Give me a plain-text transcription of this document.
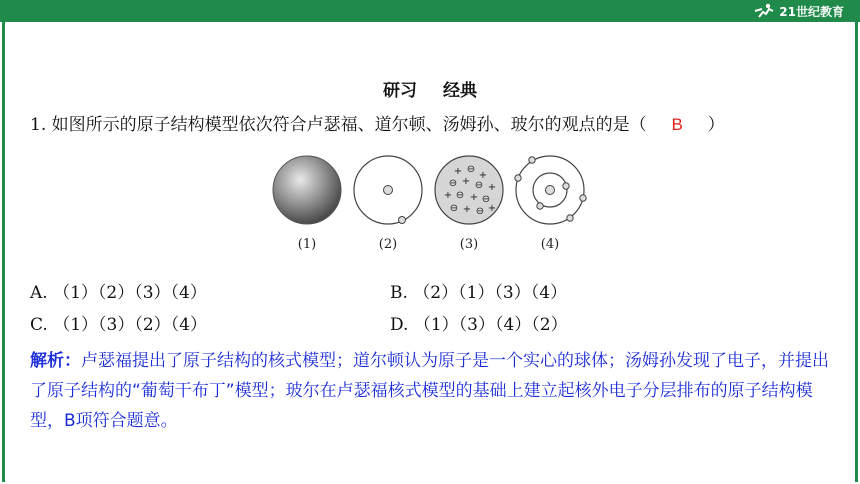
21世纪教育
研习 经典
1. 如图所示的原子结构模型依次符合卢瑟福、道尔顿、汤姆孙、玻尔的观点的是（ B ）
+ ⊖
+
⊖ + ⊖ +
+ ⊖ + ⊖
⊖ + ⊖ +
(1)	(2)	(3)	(4)
A. （1）（2）（3）（4）	B. （2）（1）（3）（4）
C. （1）（3）（2）（4）	D. （1）（3）（4）（2）
解析：卢瑟福提出了原子结构的核式模型；道尔顿认为原子是一个实心的球体；汤姆孙发现了电子，并提出了原子结构的“葡萄干布丁”模型；玻尔在卢瑟福核式模型的基础上建立起核外电子分层排布的原子结构模型，B项符合题意。
